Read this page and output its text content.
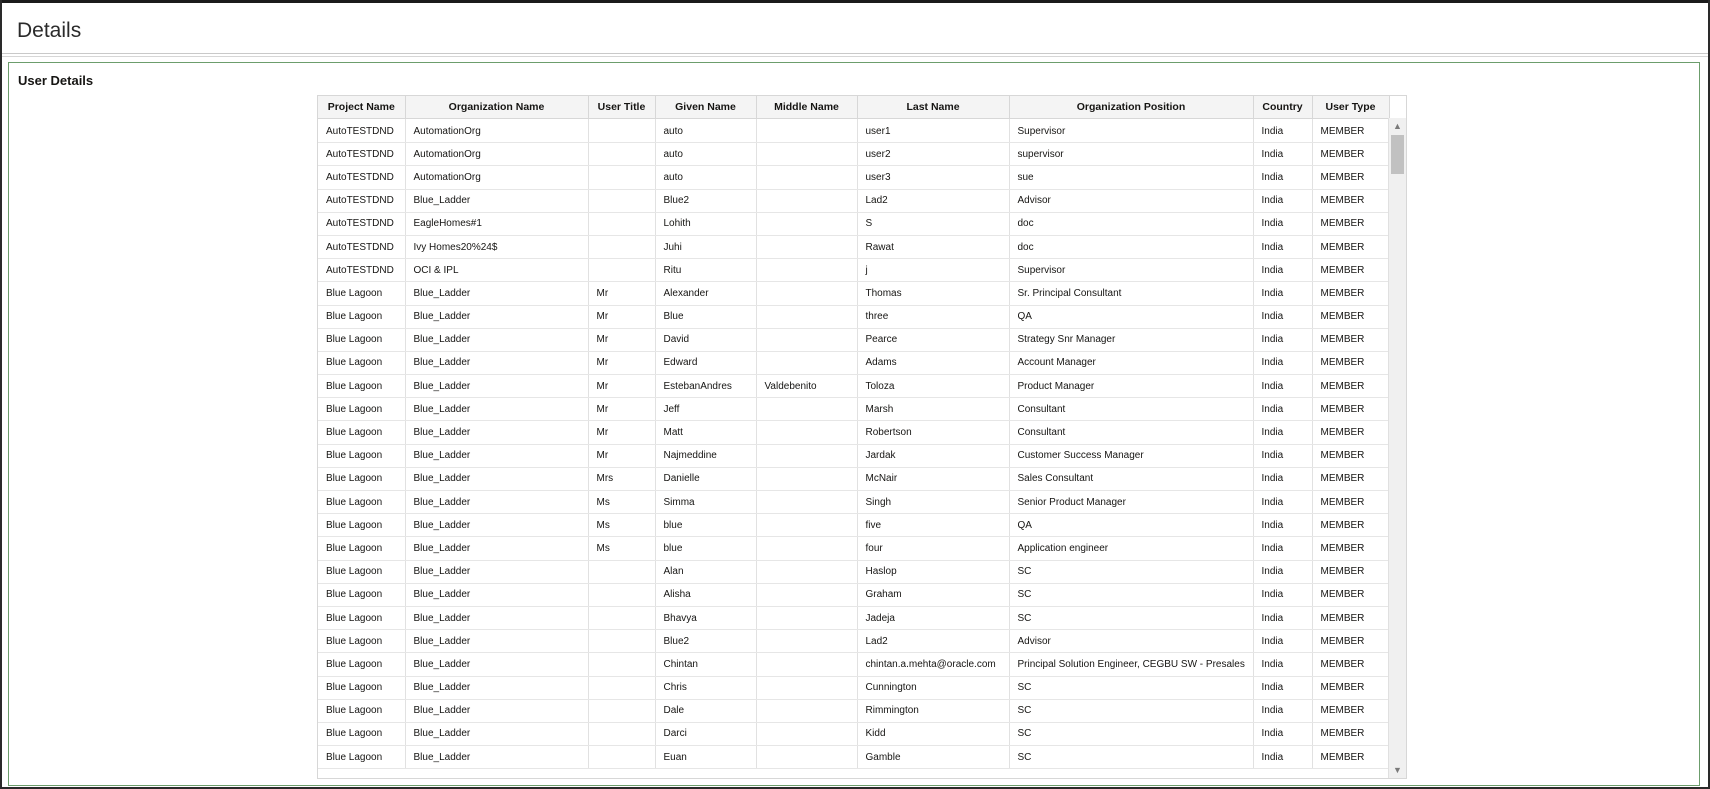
Details
User Details
Project Name	Organization Name	User Title	Given Name	Middle Name	Last Name	Organization Position	Country	User Type
AutoTESTDND	AutomationOrg		auto		user1	Supervisor	India	MEMBER
AutoTESTDND	AutomationOrg		auto		user2	supervisor	India	MEMBER
AutoTESTDND	AutomationOrg		auto		user3	sue	India	MEMBER
AutoTESTDND	Blue_Ladder		Blue2		Lad2	Advisor	India	MEMBER
AutoTESTDND	EagleHomes#1		Lohith		S	doc	India	MEMBER
AutoTESTDND	Ivy Homes20%24$		Juhi		Rawat	doc	India	MEMBER
AutoTESTDND	OCI & IPL		Ritu		j	Supervisor	India	MEMBER
Blue Lagoon	Blue_Ladder	Mr	Alexander		Thomas	Sr. Principal Consultant	India	MEMBER
Blue Lagoon	Blue_Ladder	Mr	Blue		three	QA	India	MEMBER
Blue Lagoon	Blue_Ladder	Mr	David		Pearce	Strategy Snr Manager	India	MEMBER
Blue Lagoon	Blue_Ladder	Mr	Edward		Adams	Account Manager	India	MEMBER
Blue Lagoon	Blue_Ladder	Mr	EstebanAndres	Valdebenito	Toloza	Product Manager	India	MEMBER
Blue Lagoon	Blue_Ladder	Mr	Jeff		Marsh	Consultant	India	MEMBER
Blue Lagoon	Blue_Ladder	Mr	Matt		Robertson	Consultant	India	MEMBER
Blue Lagoon	Blue_Ladder	Mr	Najmeddine		Jardak	Customer Success Manager	India	MEMBER
Blue Lagoon	Blue_Ladder	Mrs	Danielle		McNair	Sales Consultant	India	MEMBER
Blue Lagoon	Blue_Ladder	Ms	Simma		Singh	Senior Product Manager	India	MEMBER
Blue Lagoon	Blue_Ladder	Ms	blue		five	QA	India	MEMBER
Blue Lagoon	Blue_Ladder	Ms	blue		four	Application engineer	India	MEMBER
Blue Lagoon	Blue_Ladder		Alan		Haslop	SC	India	MEMBER
Blue Lagoon	Blue_Ladder		Alisha		Graham	SC	India	MEMBER
Blue Lagoon	Blue_Ladder		Bhavya		Jadeja	SC	India	MEMBER
Blue Lagoon	Blue_Ladder		Blue2		Lad2	Advisor	India	MEMBER
Blue Lagoon	Blue_Ladder		Chintan		chintan.a.mehta@oracle.com	Principal Solution Engineer, CEGBU SW - Presales	India	MEMBER
Blue Lagoon	Blue_Ladder		Chris		Cunnington	SC	India	MEMBER
Blue Lagoon	Blue_Ladder		Dale		Rimmington	SC	India	MEMBER
Blue Lagoon	Blue_Ladder		Darci		Kidd	SC	India	MEMBER
Blue Lagoon	Blue_Ladder		Euan		Gamble	SC	India	MEMBER
▲
▼
